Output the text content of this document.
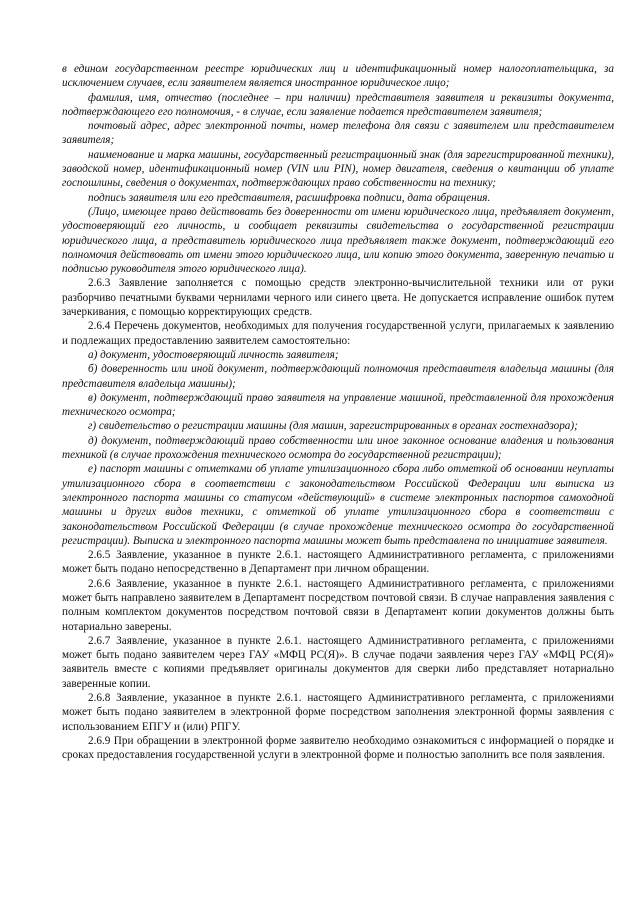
в едином государственном реестре юридических лиц и идентификационный номер налогоплательщика, за исключением случаев, если заявителем является иностранное юридическое лицо;

фамилия, имя, отчество (последнее – при наличии) представителя заявителя и реквизиты документа, подтверждающего его полномочия, - в случае, если заявление подается представителем заявителя;

почтовый адрес, адрес электронной почты, номер телефона для связи с заявителем или представителем заявителя;

наименование и марка машины, государственный регистрационный знак (для зарегистрированной техники), заводской номер, идентификационный номер (VIN или PIN), номер двигателя, сведения о квитанции об уплате госпошлины, сведения о документах, подтверждающих право собственности на технику;

подпись заявителя или его представителя, расшифровка подписи, дата обращения.

(Лицо, имеющее право действовать без доверенности от имени юридического лица, предъявляет документ, удостоверяющий его личность, и сообщает реквизиты свидетельства о государственной регистрации юридического лица, а представитель юридического лица предъявляет также документ, подтверждающий его полномочия действовать от имени этого юридического лица, или копию этого документа, заверенную печатью и подписью руководителя этого юридического лица).

2.6.3 Заявление заполняется с помощью средств электронно-вычислительной техники или от руки разборчиво печатными буквами чернилами черного или синего цвета. Не допускается исправление ошибок путем зачеркивания, с помощью корректирующих средств.

2.6.4 Перечень документов, необходимых для получения государственной услуги, прилагаемых к заявлению и подлежащих предоставлению заявителем самостоятельно:

а) документ, удостоверяющий личность заявителя;

б) доверенность или иной документ, подтверждающий полномочия представителя владельца машины (для представителя владельца машины);

в) документ, подтверждающий право заявителя на управление машиной, представленной для прохождения технического осмотра;

г) свидетельство о регистрации машины (для машин, зарегистрированных в органах гостехнадзора);

д) документ, подтверждающий право собственности или иное законное основание владения и пользования техникой (в случае прохождения технического осмотра до государственной регистрации);

е) паспорт машины с отметками об уплате утилизационного сбора либо отметкой об основании неуплаты утилизационного сбора в соответствии с законодательством Российской Федерации или выписка из электронного паспорта машины со статусом «действующий» в системе электронных паспортов самоходной машины и других видов техники, с отметкой об уплате утилизационного сбора в соответствии с законодательством Российской Федерации (в случае прохождение технического осмотра до государственной регистрации). Выписка и электронного паспорта машины может быть представлена по инициативе заявителя.

2.6.5 Заявление, указанное в пункте 2.6.1. настоящего Административного регламента, с приложениями может быть подано непосредственно в Департамент при личном обращении.

2.6.6 Заявление, указанное в пункте 2.6.1. настоящего Административного регламента, с приложениями может быть направлено заявителем в Департамент посредством почтовой связи. В случае направления заявления с полным комплектом документов посредством почтовой связи в Департамент копии документов должны быть нотариально заверены.

2.6.7 Заявление, указанное в пункте 2.6.1. настоящего Административного регламента, с приложениями может быть подано заявителем через ГАУ «МФЦ РС(Я)». В случае подачи заявления через ГАУ «МФЦ РС(Я)» заявитель вместе с копиями предъявляет оригиналы документов для сверки либо представляет нотариально заверенные копии.

2.6.8 Заявление, указанное в пункте 2.6.1. настоящего Административного регламента, с приложениями может быть подано заявителем в электронной форме посредством заполнения электронной формы заявления с использованием ЕПГУ и (или) РПГУ.

2.6.9 При обращении в электронной форме заявителю необходимо ознакомиться с информацией о порядке и сроках предоставления государственной услуги в электронной форме и полностью заполнить все поля заявления.
